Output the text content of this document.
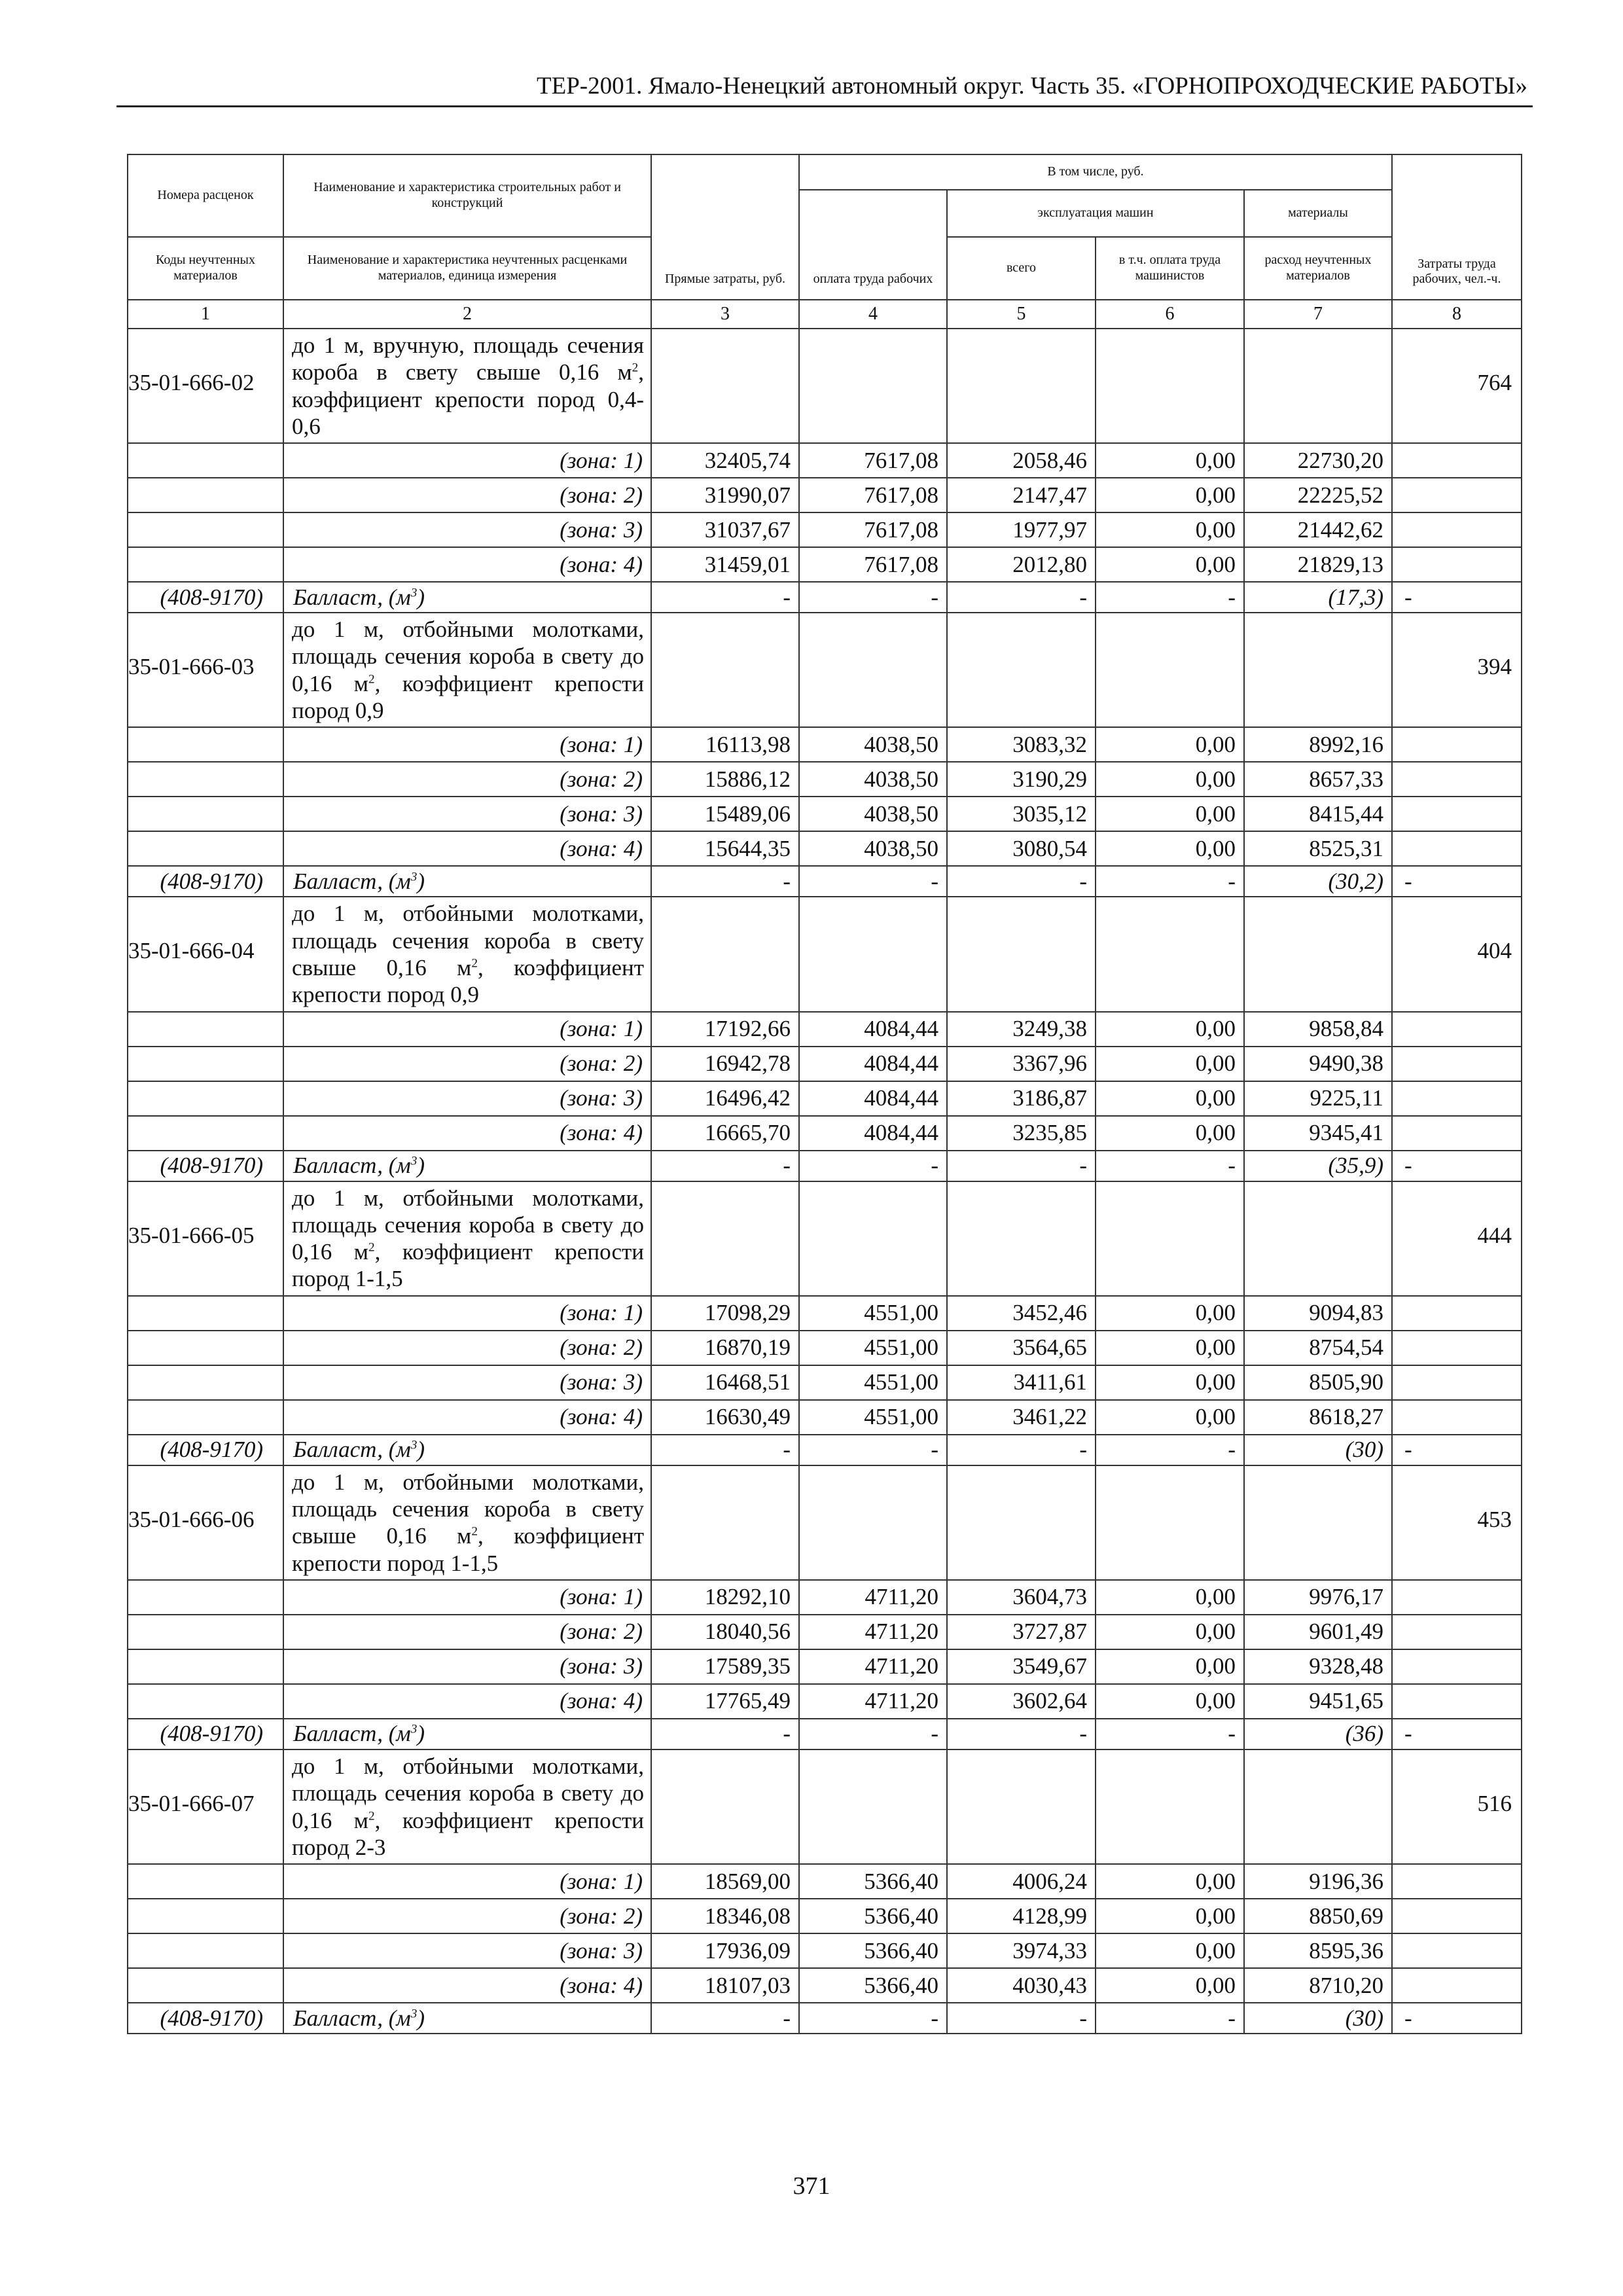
ТЕР-2001. Ямало-Ненецкий автономный округ. Часть 35. «ГОРНОПРОХОДЧЕСКИЕ РАБОТЫ»
Номера расценок	Наименование и характеристика строительных работ и конструкций	Прямые затраты, руб.	В том числе, руб.				Затраты труда рабочих, чел.-ч.
			оплата труда рабочих	эксплуатация машин		материалы	
Коды неучтенных материалов	Наименование и характеристика неучтенных расценками материалов, единица измерения			всего	в т.ч. оплата труда машинистов	расход неучтенных материалов	
1	2	3	4	5	6	7	8

35-01-666-02	до 1 м, вручную, площадь сечения короба в свету свыше 0,16 $м^2$, коэффициент крепости пород 0,4-0,6						764

	(зона: 1)	32405,74	7617,08	2058,46	0,00	22730,20	
	(зона: 2)	31990,07	7617,08	2147,47	0,00	22225,52	
	(зона: 3)	31037,67	7617,08	1977,97	0,00	21442,62	
	(зона: 4)	31459,01	7617,08	2012,80	0,00	21829,13	
(408-9170)	Балласт, $(м^3)$	-	-	-	-	(17,3)	-

35-01-666-03	до 1 м, отбойными молотками, площадь сечения короба в свету до 0,16 $м^2$, коэффициент крепости пород 0,9						394

	(зона: 1)	16113,98	4038,50	3083,32	0,00	8992,16	
	(зона: 2)	15886,12	4038,50	3190,29	0,00	8657,33	
	(зона: 3)	15489,06	4038,50	3035,12	0,00	8415,44	
	(зона: 4)	15644,35	4038,50	3080,54	0,00	8525,31	
(408-9170)	Балласт, $(м^3)$	-	-	-	-	(30,2)	-

35-01-666-04	до 1 м, отбойными молотками, площадь сечения короба в свету свыше 0,16 $м^2$, коэффициент крепости пород 0,9						404

	(зона: 1)	17192,66	4084,44	3249,38	0,00	9858,84	
	(зона: 2)	16942,78	4084,44	3367,96	0,00	9490,38	
	(зона: 3)	16496,42	4084,44	3186,87	0,00	9225,11	
	(зона: 4)	16665,70	4084,44	3235,85	0,00	9345,41	
(408-9170)	Балласт, $(м^3)$	-	-	-	-	(35,9)	-

35-01-666-05	до 1 м, отбойными молотками, площадь сечения короба в свету до 0,16 $м^2$, коэффициент крепости пород 1-1,5						444

	(зона: 1)	17098,29	4551,00	3452,46	0,00	9094,83	
	(зона: 2)	16870,19	4551,00	3564,65	0,00	8754,54	
	(зона: 3)	16468,51	4551,00	3411,61	0,00	8505,90	
	(зона: 4)	16630,49	4551,00	3461,22	0,00	8618,27	
(408-9170)	Балласт, $(м^3)$	-	-	-	-	(30)	-

35-01-666-06	до 1 м, отбойными молотками, площадь сечения короба в свету свыше 0,16 $м^2$, коэффициент крепости пород 1-1,5						453

	(зона: 1)	18292,10	4711,20	3604,73	0,00	9976,17	
	(зона: 2)	18040,56	4711,20	3727,87	0,00	9601,49	
	(зона: 3)	17589,35	4711,20	3549,67	0,00	9328,48	
	(зона: 4)	17765,49	4711,20	3602,64	0,00	9451,65	
(408-9170)	Балласт, $(м^3)$	-	-	-	-	(36)	-

35-01-666-07	до 1 м, отбойными молотками, площадь сечения короба в свету до 0,16 $м^2$, коэффициент крепости пород 2-3						516

	(зона: 1)	18569,00	5366,40	4006,24	0,00	9196,36	
	(зона: 2)	18346,08	5366,40	4128,99	0,00	8850,69	
	(зона: 3)	17936,09	5366,40	3974,33	0,00	8595,36	
	(зона: 4)	18107,03	5366,40	4030,43	0,00	8710,20	
(408-9170)	Балласт, $(м^3)$	-	-	-	-	(30)	-
371
